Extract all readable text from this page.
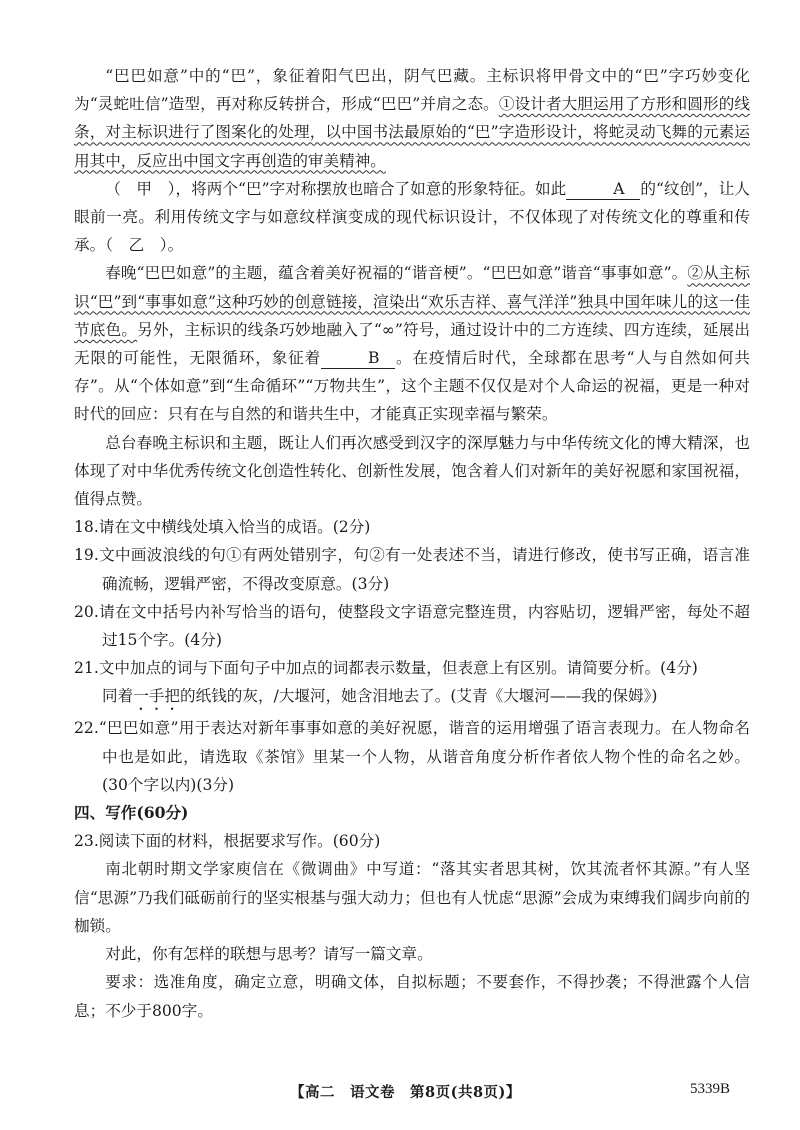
“巴巴如意”中的“巴”，象征着阳气巴出，阴气巴藏。主标识将甲骨文中的“巴”字巧妙变化为“灵蛇吐信”造型，再对称反转拼合，形成“巴巴”并肩之态。①设计者大胆运用了方形和圆形的线条，对主标识进行了图案化的处理，以中国书法最原始的“巴”字造形设计，将蛇灵动飞舞的元素运用其中，反应出中国文字再创造的审美精神。

（　甲　），将两个“巴”字对称摆放也暗合了如意的形象特征。如此	A 的“纹创”，让人眼前一亮。利用传统文字与如意纹样演变成的现代标识设计，不仅体现了对传统文化的尊重和传承。（　乙　）。

春晚“巴巴如意”的主题，蕴含着美好祝福的“谐音梗”。“巴巴如意”谐音“事事如意”。②从主标识“巴”到“事事如意”这种巧妙的创意链接，渲染出“欢乐吉祥、喜气洋洋”独具中国年味儿的这一佳节底色。另外，主标识的线条巧妙地融入了“∞”符号，通过设计中的二方连续、四方连续，延展出无限的可能性，无限循环，象征着	B 。在疫情后时代，全球都在思考“人与自然如何共存”。从“个体如意”到“生命循环”“万物共生”，这个主题不仅仅是对个人命运的祝福，更是一种对时代的回应：只有在与自然的和谐共生中，才能真正实现幸福与繁荣。

总台春晚主标识和主题，既让人们再次感受到汉字的深厚魅力与中华传统文化的博大精深，也体现了对中华优秀传统文化创造性转化、创新性发展，饱含着人们对新年的美好祝愿和家国祝福，值得点赞。

18.请在文中横线处填入恰当的成语。(2分)

19.文中画波浪线的句①有两处错别字，句②有一处表述不当，请进行修改，使书写正确，语言准确流畅，逻辑严密，不得改变原意。(3分)

20.请在文中括号内补写恰当的语句，使整段文字语意完整连贯，内容贴切，逻辑严密，每处不超过15个字。(4分)

21.文中加点的词与下面句子中加点的词都表示数量，但表意上有区别。请简要分析。(4分)

同着一手把的纸钱的灰，/大堰河，她含泪地去了。(艾青《大堰河——我的保姆》)

22.“巴巴如意”用于表达对新年事事如意的美好祝愿，谐音的运用增强了语言表现力。在人物命名中也是如此，请选取《茶馆》里某一个人物，从谐音角度分析作者依人物个性的命名之妙。(30个字以内)(3分)

四、写作(60分)

23.阅读下面的材料，根据要求写作。(60分)

南北朝时期文学家庾信在《微调曲》中写道：“落其实者思其树，饮其流者怀其源。”有人坚信“思源”乃我们砥砺前行的坚实根基与强大动力；但也有人忧虑“思源”会成为束缚我们阔步向前的枷锁。

对此，你有怎样的联想与思考？请写一篇文章。

要求：选准角度，确定立意，明确文体，自拟标题；不要套作，不得抄袭；不得泄露个人信息；不少于800字。

【高二　语文卷　第8页(共8页)】	5339B
